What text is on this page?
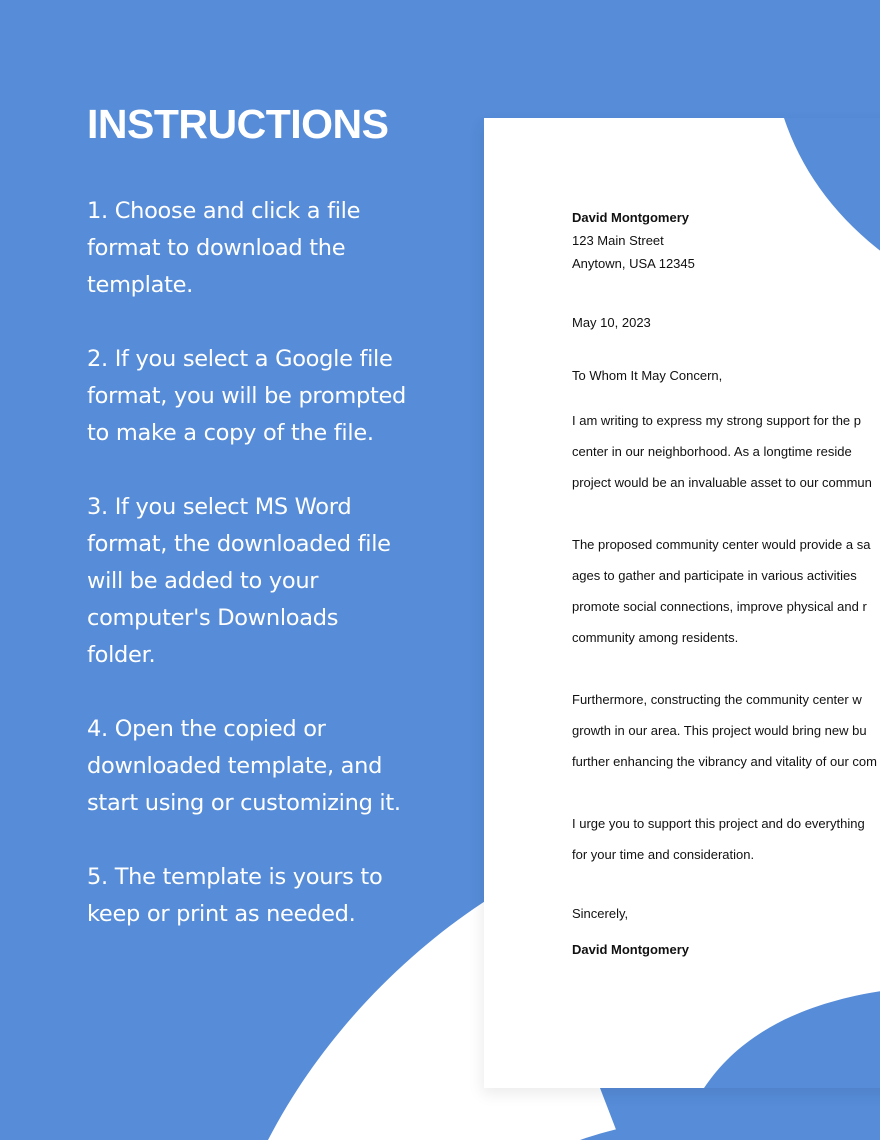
INSTRUCTIONS
1. Choose and click a file
format to download the
template.
2. If you select a Google file
format, you will be prompted
to make a copy of the file.
3. If you select MS Word
format, the downloaded file
will be added to your
computer's Downloads
folder.
4. Open the copied or
downloaded template, and
start using or customizing it.
5. The template is yours to
keep or print as needed.
David Montgomery
123 Main Street
Anytown, USA 12345
May 10, 2023
To Whom It May Concern,
I am writing to express my strong support for the p
center in our neighborhood. As a longtime reside
project would be an invaluable asset to our commun
The proposed community center would provide a sa
ages to gather and participate in various activities
promote social connections, improve physical and r
community among residents.
Furthermore, constructing the community center w
growth in our area. This project would bring new bu
further enhancing the vibrancy and vitality of our com
I urge you to support this project and do everything
for your time and consideration.
Sincerely,
David Montgomery
